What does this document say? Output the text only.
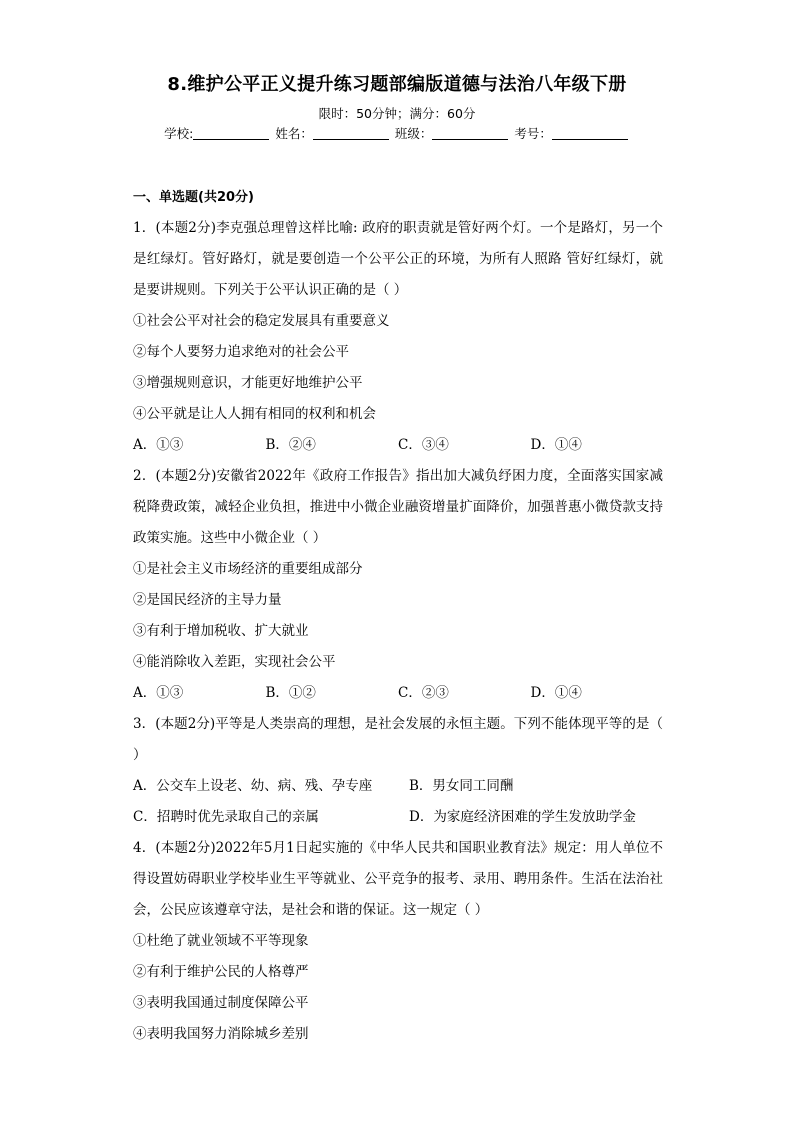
8.维护公平正义提升练习题部编版道德与法治八年级下册
限时：50分钟；满分：60分
学校:	姓名：	班级：	考号：
一、单选题(共20分)
1．(本题2分)李克强总理曾这样比喻: 政府的职责就是管好两个灯。一个是路灯，另一个是红绿灯。管好路灯，就是要创造一个公平公正的环境，为所有人照路 管好红绿灯，就是要讲规则。下列关于公平认识正确的是（ ）
①社会公平对社会的稳定发展具有重要意义
②每个人要努力追求绝对的社会公平
③增强规则意识，才能更好地维护公平
④公平就是让人人拥有相同的权利和机会
A．①③	B．②④	C．③④	D．①④
2．(本题2分)安徽省2022年《政府工作报告》指出加大减负纾困力度，全面落实国家减税降费政策，减轻企业负担，推进中小微企业融资增量扩面降价，加强普惠小微贷款支持政策实施。这些中小微企业（ ）
①是社会主义市场经济的重要组成部分
②是国民经济的主导力量
③有利于增加税收、扩大就业
④能消除收入差距，实现社会公平
A．①③	B．①②	C．②③	D．①④
3．(本题2分)平等是人类崇高的理想，是社会发展的永恒主题。下列不能体现平等的是（ ）
A．公交车上设老、幼、病、残、孕专座	B．男女同工同酬
C．招聘时优先录取自己的亲属	D．为家庭经济困难的学生发放助学金
4．(本题2分)2022年5月1日起实施的《中华人民共和国职业教育法》规定：用人单位不得设置妨碍职业学校毕业生平等就业、公平竞争的报考、录用、聘用条件。生活在法治社会，公民应该遵章守法，是社会和谐的保证。这一规定（ ）
①杜绝了就业领域不平等现象
②有利于维护公民的人格尊严
③表明我国通过制度保障公平
④表明我国努力消除城乡差别
